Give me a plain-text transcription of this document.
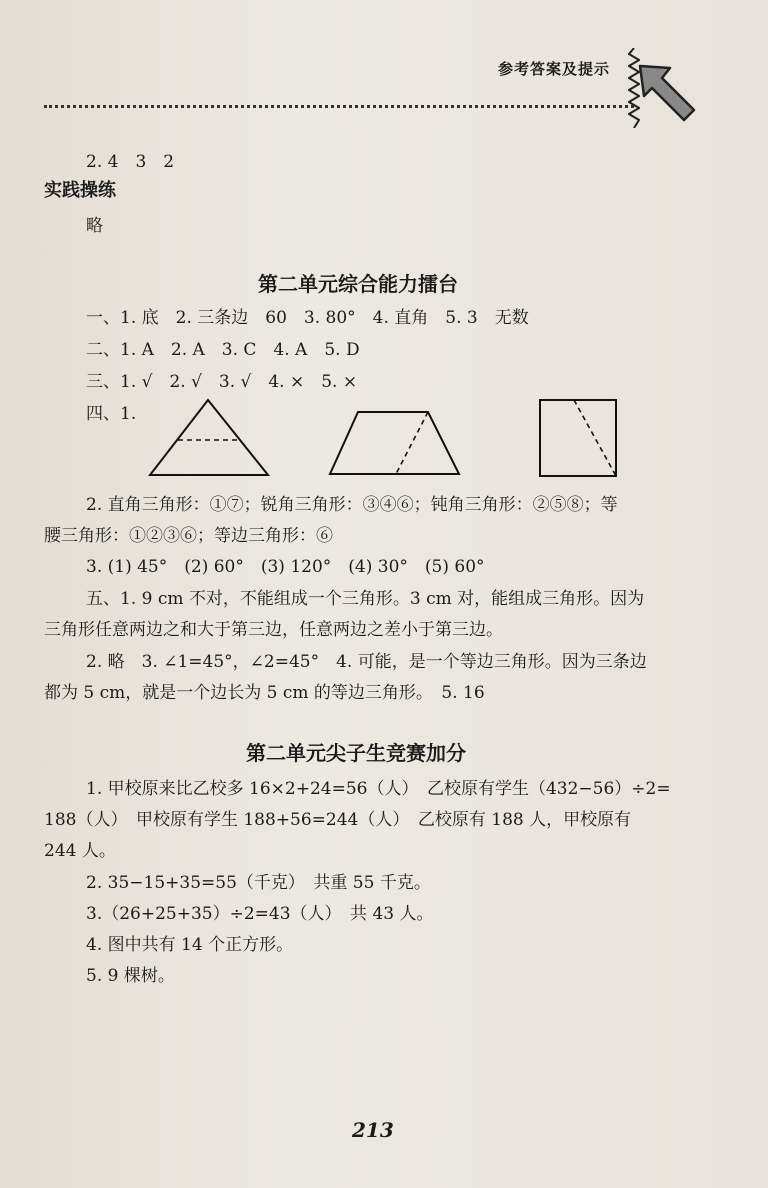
参考答案及提示
2. 4　3　2
实践操练
略
第二单元综合能力擂台
一、1. 底　2. 三条边　60　3. 80°　4. 直角　5. 3　无数
二、1. A　2. A　3. C　4. A　5. D
三、1. √　2. √　3. √　4. ×　5. ×
四、1.
2. 直角三角形：①⑦；锐角三角形：③④⑥；钝角三角形：②⑤⑧；等
腰三角形：①②③⑥；等边三角形：⑥
3. (1) 45°　(2) 60°　(3) 120°　(4) 30°　(5) 60°
五、1. 9 cm 不对，不能组成一个三角形。3 cm 对，能组成三角形。因为
三角形任意两边之和大于第三边，任意两边之差小于第三边。
2. 略　3. ∠1=45°，∠2=45°　4. 可能，是一个等边三角形。因为三条边
都为 5 cm，就是一个边长为 5 cm 的等边三角形。　5. 16
第二单元尖子生竞赛加分
1. 甲校原来比乙校多 16×2+24=56（人）　乙校原有学生（432−56）÷2=
188（人）　甲校原有学生 188+56=244（人）　乙校原有 188 人，甲校原有
244 人。
2. 35−15+35=55（千克）　共重 55 千克。
3.（26+25+35）÷2=43（人）　共 43 人。
4. 图中共有 14 个正方形。
5. 9 棵树。
213
